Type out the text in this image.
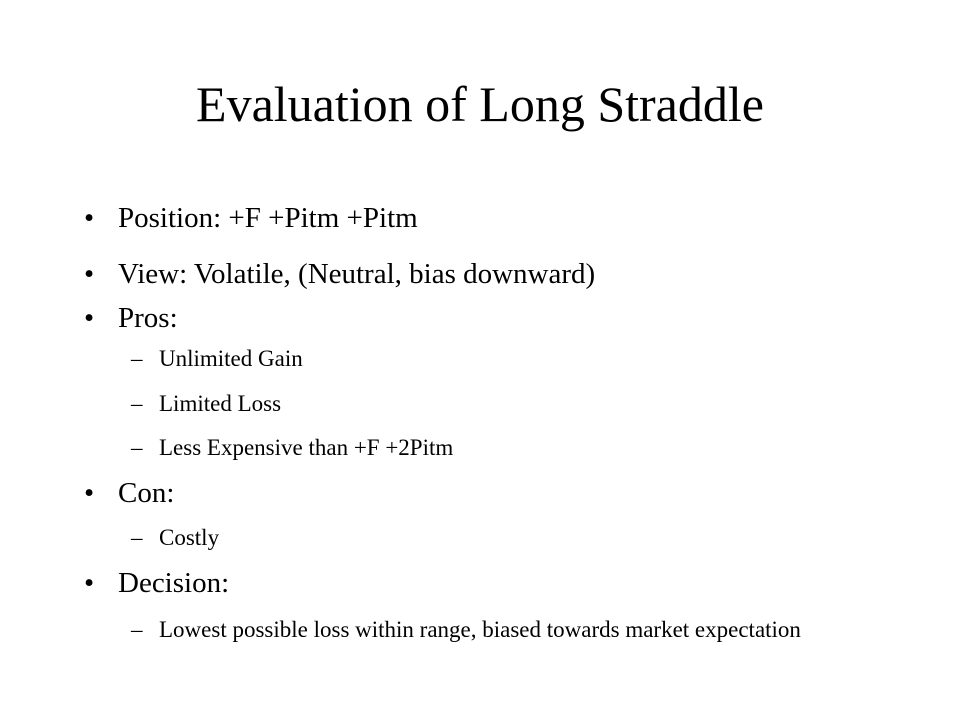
Evaluation of Long Straddle
• Position: +F +Pitm +Pitm
• View: Volatile, (Neutral, bias downward)
• Pros:
– Unlimited Gain
– Limited Loss
– Less Expensive than +F +2Pitm
• Con:
– Costly
• Decision:
– Lowest possible loss within range, biased towards market expectation
